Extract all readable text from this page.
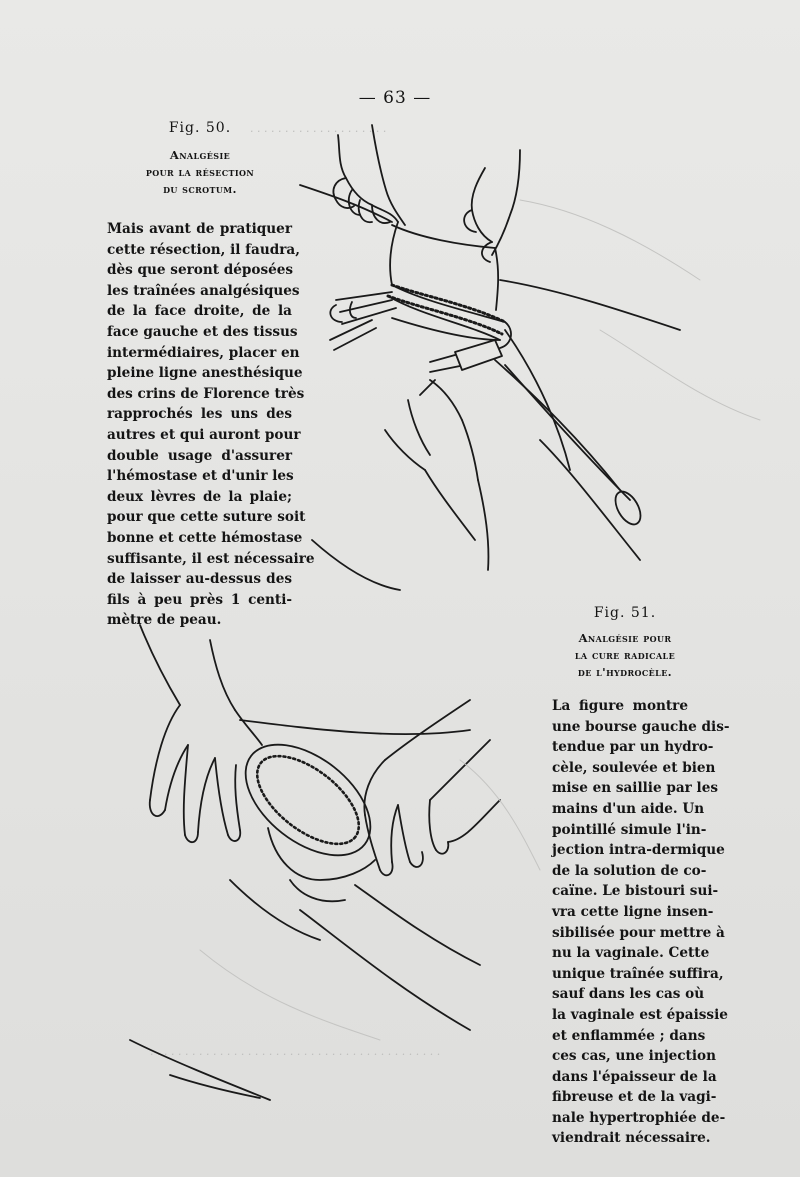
. . . . . . . . . . . . . . . . . . . .
. . . . . . . . . . . . . . . . . . . . . . . . . . . . . . . . . . . . . . . . . .
— 63 —
Fig. 50.
Analgésie
pour la résection
du scrotum.
Mais avant de pratiquer
cette résection, il faudra,
dès que seront déposées
les traînées analgésiques
de la face droite, de la
face gauche et des tissus
intermédiaires, placer en
pleine ligne anesthésique
des crins de Florence très
rapprochés les uns des
autres et qui auront pour
double usage d'assurer
l'hémostase et d'unir les
deux lèvres de la plaie;
pour que cette suture soit
bonne et cette hémostase
suffisante, il est nécessaire
de laisser au-dessus des
fils à peu près 1 centi-
mètre de peau.	Fig. 51.
Analgésie pour
la cure radicale
de l'hydrocèle.
La figure montre
une bourse gauche dis-
tendue par un hydro-
cèle, soulevée et bien
mise en saillie par les
mains d'un aide. Un
pointillé simule l'in-
jection intra-dermique
de la solution de co-
caïne. Le bistouri sui-
vra cette ligne insen-
sibilisée pour mettre à
nu la vaginale. Cette
unique traînée suffira,
sauf dans les cas où
la vaginale est épaissie
et enflammée ; dans
ces cas, une injection
dans l'épaisseur de la
fibreuse et de la vagi-
nale hypertrophiée de-
viendrait nécessaire.
